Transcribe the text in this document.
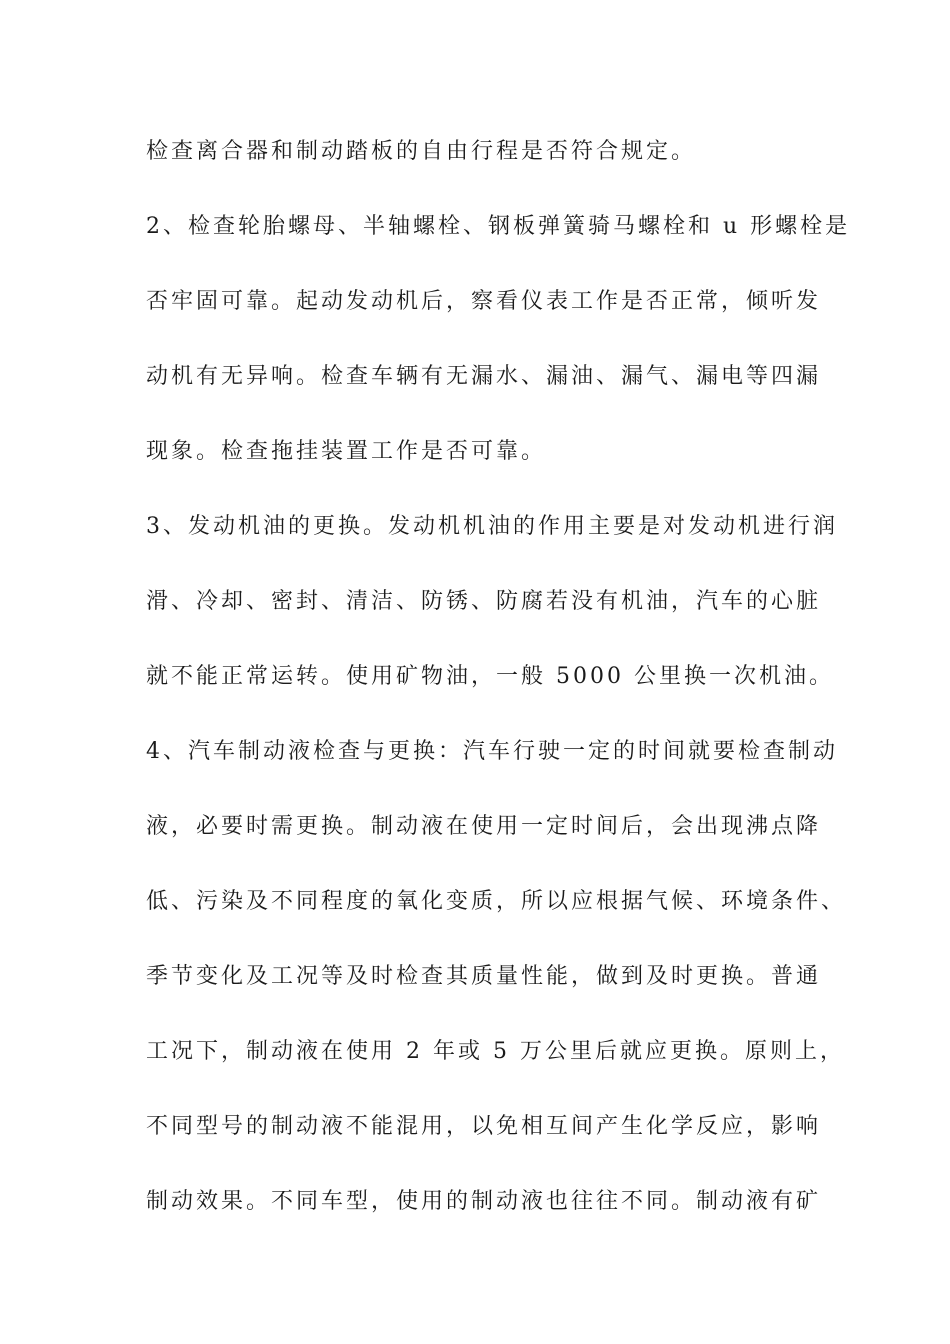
检查离合器和制动踏板的自由行程是否符合规定。
2、检查轮胎螺母、半轴螺栓、钢板弹簧骑马螺栓和 u 形螺栓是
否牢固可靠。起动发动机后，察看仪表工作是否正常，倾听发
动机有无异响。检查车辆有无漏水、漏油、漏气、漏电等四漏
现象。检查拖挂装置工作是否可靠。
3、发动机油的更换。发动机机油的作用主要是对发动机进行润
滑、冷却、密封、清洁、防锈、防腐若没有机油，汽车的心脏
就不能正常运转。使用矿物油，一般 5000 公里换一次机油。
4、汽车制动液检查与更换：汽车行驶一定的时间就要检查制动
液，必要时需更换。制动液在使用一定时间后，会出现沸点降
低、污染及不同程度的氧化变质，所以应根据气候、环境条件、
季节变化及工况等及时检查其质量性能，做到及时更换。普通
工况下，制动液在使用 2 年或 5 万公里后就应更换。原则上，
不同型号的制动液不能混用，以免相互间产生化学反应，影响
制动效果。不同车型，使用的制动液也往往不同。制动液有矿
